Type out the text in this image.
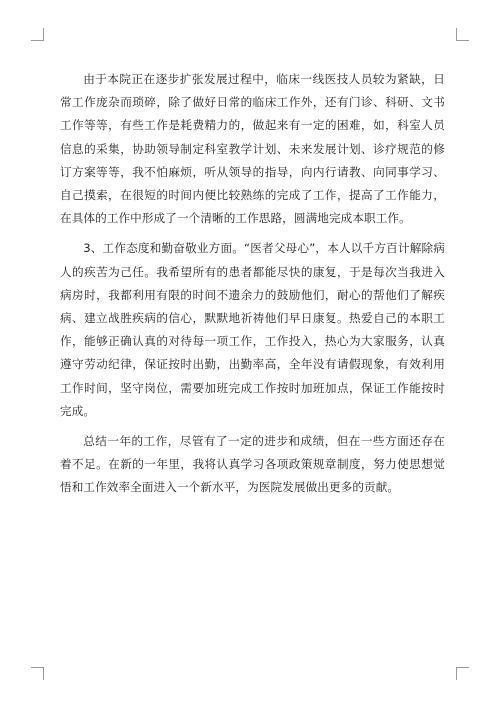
由于本院正在逐步扩张发展过程中，临床一线医技人员较为紧缺，日常工作庞杂而琐碎，除了做好日常的临床工作外，还有门诊、科研、文书工作等等，有些工作是耗费精力的，做起来有一定的困难，如，科室人员信息的采集，协助领导制定科室教学计划、未来发展计划、诊疗规范的修订方案等等，我不怕麻烦，听从领导的指导，向内行请教、向同事学习、自己摸索，在很短的时间内便比较熟练的完成了工作，提高了工作能力，在具体的工作中形成了一个清晰的工作思路，圆满地完成本职工作。

3、工作态度和勤奋敬业方面。“医者父母心”，本人以千方百计解除病人的疾苦为己任。我希望所有的患者都能尽快的康复，于是每次当我进入病房时，我都利用有限的时间不遗余力的鼓励他们，耐心的帮他们了解疾病、建立战胜疾病的信心，默默地祈祷他们早日康复。热爱自己的本职工作，能够正确认真的对待每一项工作，工作投入，热心为大家服务，认真遵守劳动纪律，保证按时出勤，出勤率高，全年没有请假现象，有效利用工作时间，坚守岗位，需要加班完成工作按时加班加点，保证工作能按时完成。

总结一年的工作，尽管有了一定的进步和成绩，但在一些方面还存在着不足。在新的一年里，我将认真学习各项政策规章制度，努力使思想觉悟和工作效率全面进入一个新水平，为医院发展做出更多的贡献。
